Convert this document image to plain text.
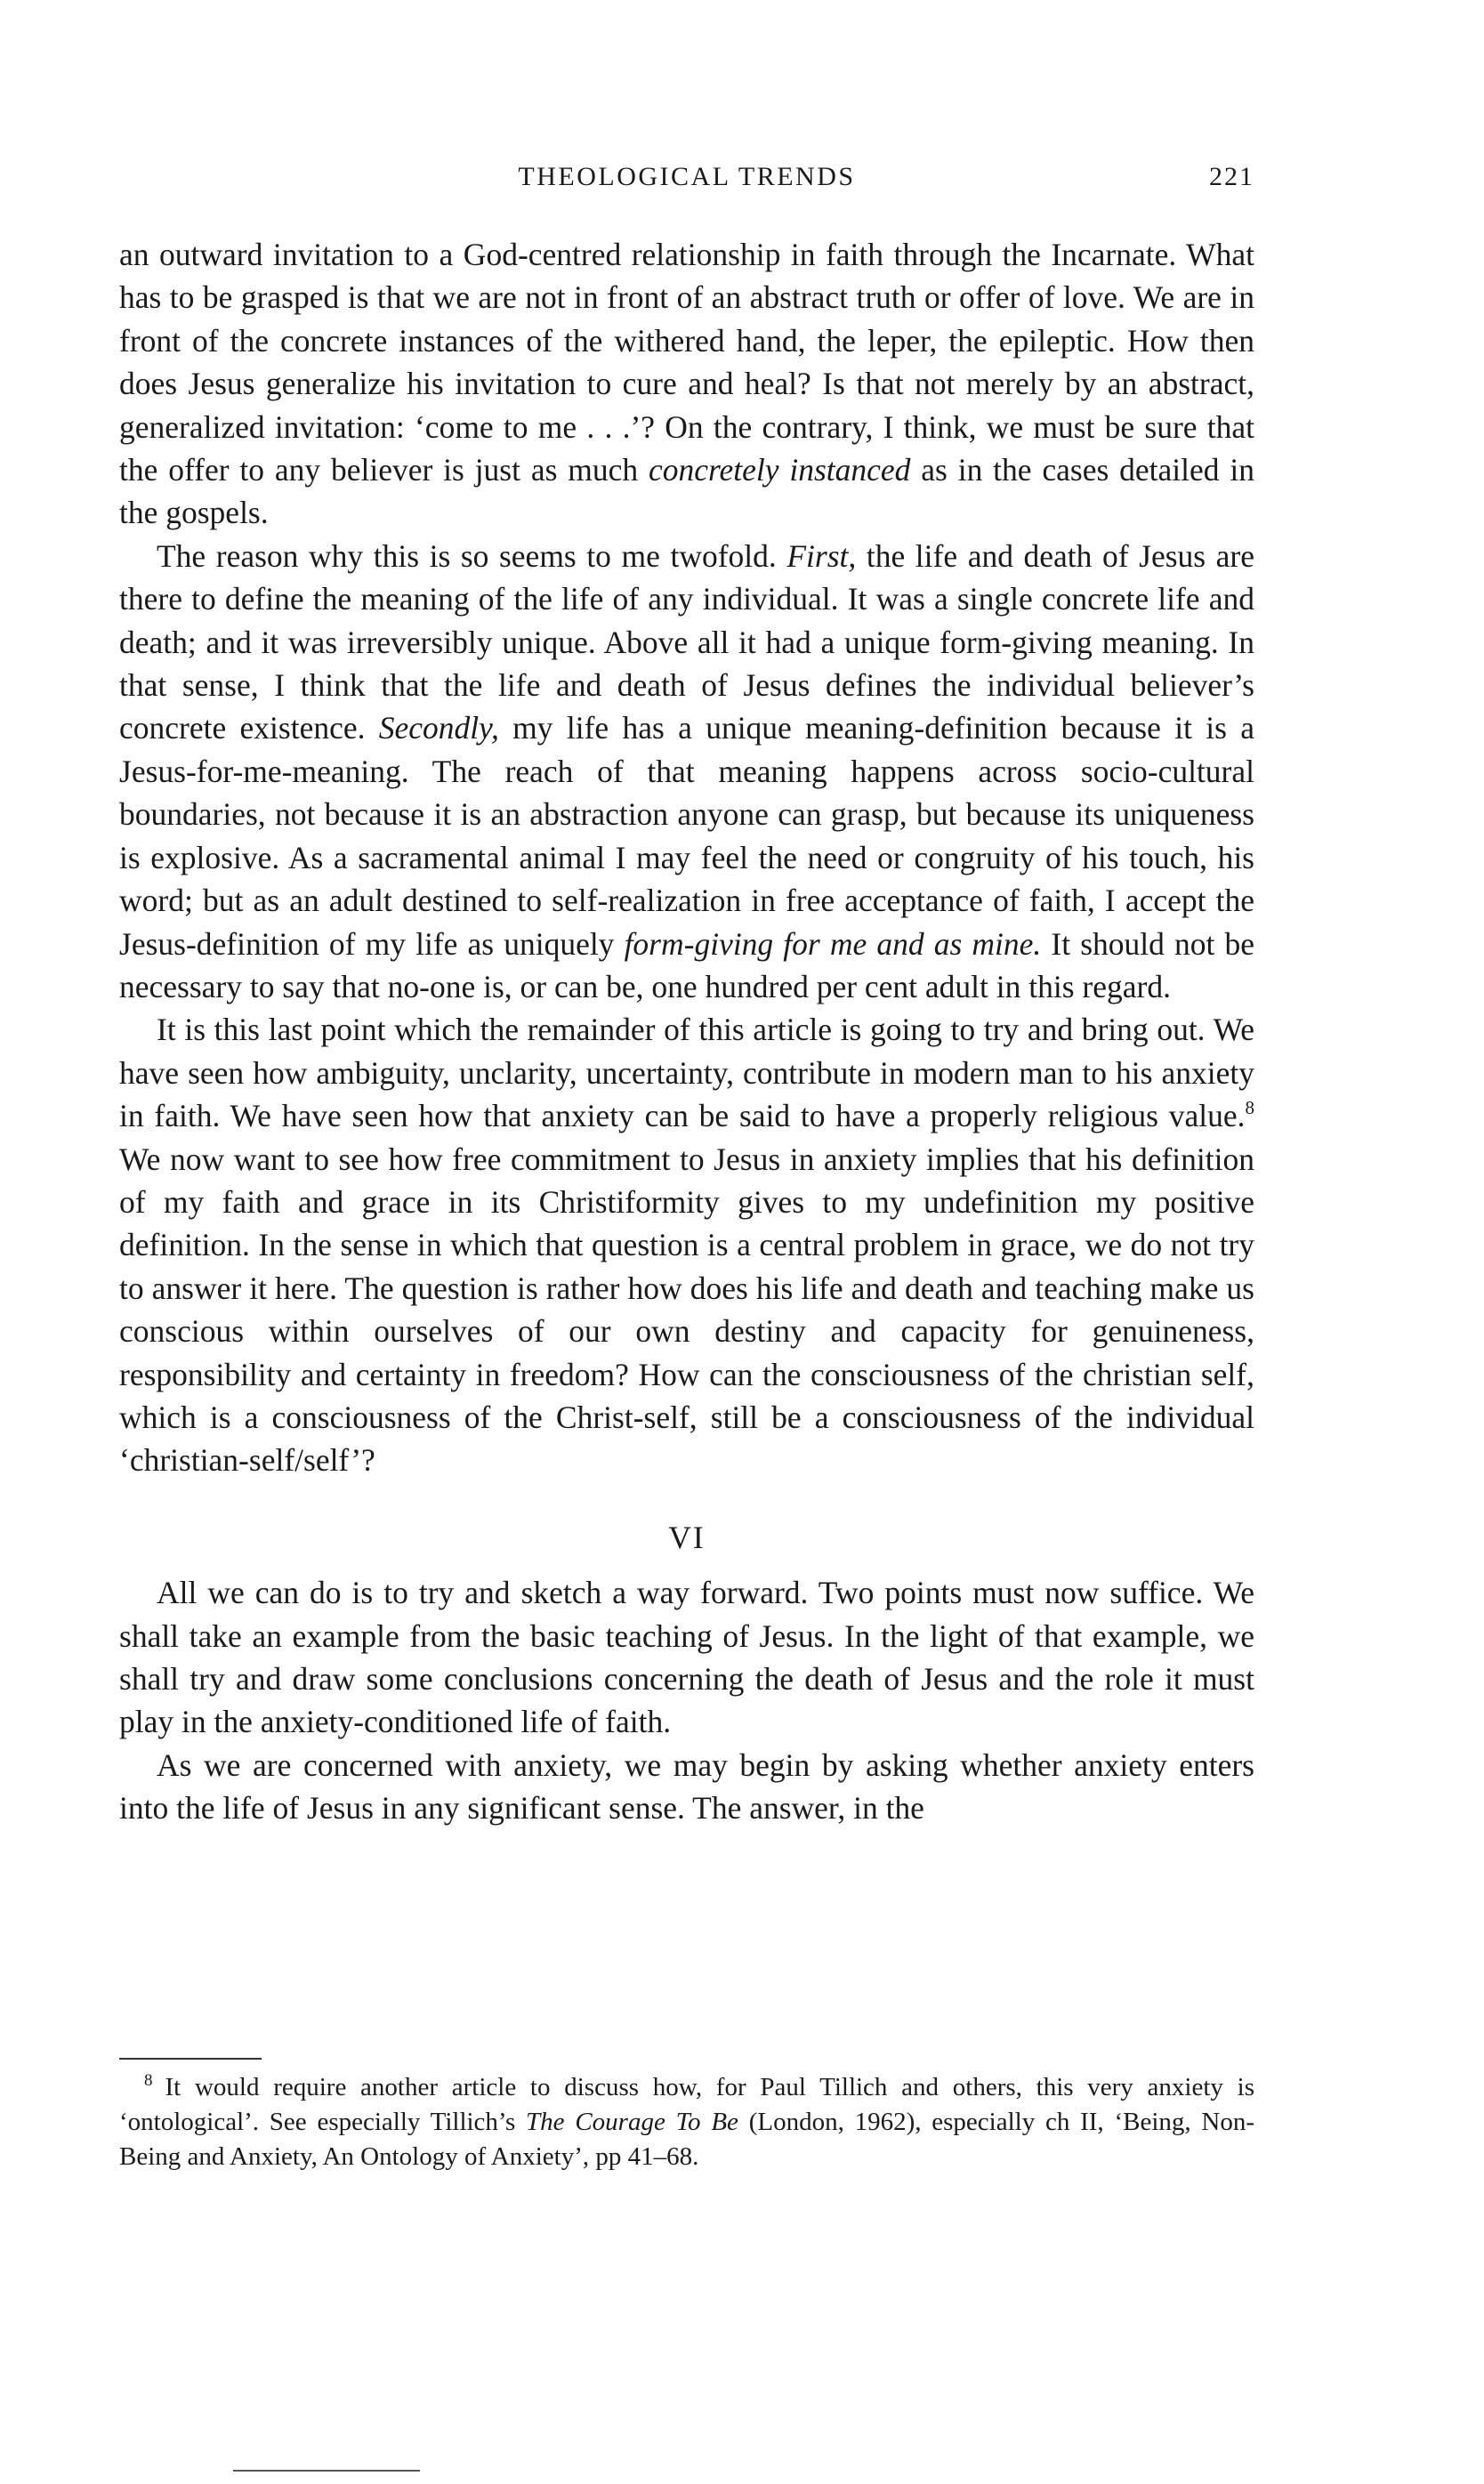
THEOLOGICAL TRENDS	221

an outward invitation to a God-centred relationship in faith through the Incarnate. What has to be grasped is that we are not in front of an abstract truth or offer of love. We are in front of the concrete instances of the withered hand, the leper, the epileptic. How then does Jesus generalize his invitation to cure and heal? Is that not merely by an abstract, generalized invitation: ‘come to me . . .’? On the contrary, I think, we must be sure that the offer to any believer is just as much concretely instanced as in the cases detailed in the gospels.

The reason why this is so seems to me twofold. First, the life and death of Jesus are there to define the meaning of the life of any individual. It was a single concrete life and death; and it was irreversibly unique. Above all it had a unique form-giving meaning. In that sense, I think that the life and death of Jesus defines the individual believer’s concrete existence. Secondly, my life has a unique meaning-definition because it is a Jesus-for-me-meaning. The reach of that meaning happens across socio-cultural boundaries, not because it is an abstraction anyone can grasp, but because its uniqueness is explosive. As a sacramental animal I may feel the need or congruity of his touch, his word; but as an adult destined to self-realization in free acceptance of faith, I accept the Jesus-definition of my life as uniquely form-giving for me and as mine. It should not be necessary to say that no-one is, or can be, one hundred per cent adult in this regard.

It is this last point which the remainder of this article is going to try and bring out. We have seen how ambiguity, unclarity, uncertainty, contribute in modern man to his anxiety in faith. We have seen how that anxiety can be said to have a properly religious value.$^8$ We now want to see how free commitment to Jesus in anxiety implies that his definition of my faith and grace in its Christiformity gives to my undefinition my positive definition. In the sense in which that question is a central problem in grace, we do not try to answer it here. The question is rather how does his life and death and teaching make us conscious within ourselves of our own destiny and capacity for genuineness, responsibility and certainty in freedom? How can the consciousness of the christian self, which is a consciousness of the Christ-self, still be a consciousness of the individual ‘christian-self/self’?

VI

All we can do is to try and sketch a way forward. Two points must now suffice. We shall take an example from the basic teaching of Jesus. In the light of that example, we shall try and draw some conclusions concerning the death of Jesus and the role it must play in the anxiety-conditioned life of faith.

As we are concerned with anxiety, we may begin by asking whether anxiety enters into the life of Jesus in any significant sense. The answer, in the

$^8$ It would require another article to discuss how, for Paul Tillich and others, this very anxiety is ‘ontological’. See especially Tillich’s The Courage To Be (London, 1962), especially ch II, ‘Being, Non-Being and Anxiety, An Ontology of Anxiety’, pp 41–68.
